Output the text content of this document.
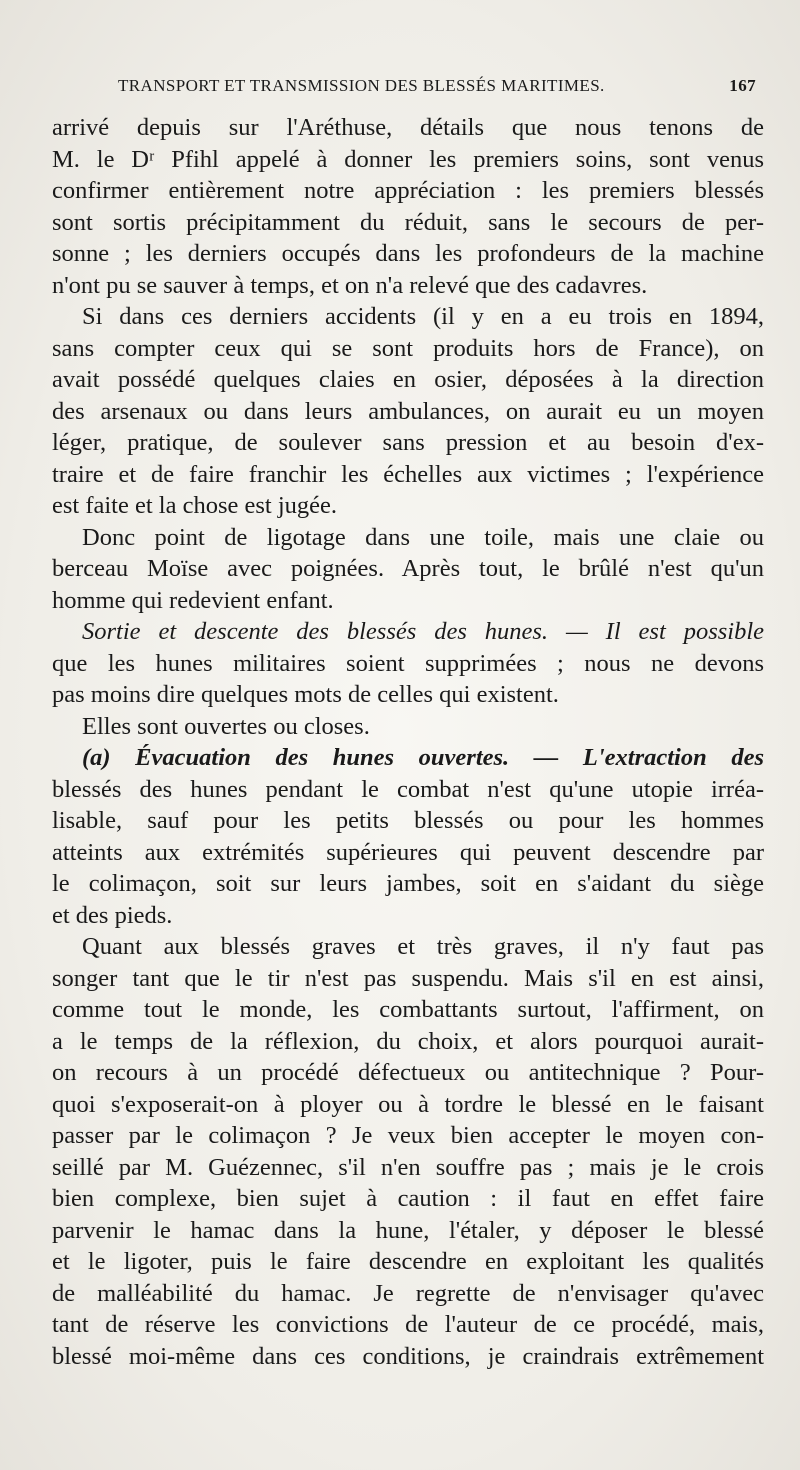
TRANSPORT ET TRANSMISSION DES BLESSÉS MARITIMES.	167
arrivé depuis sur l'Aréthuse, détails que nous tenons de
M. le Dʳ Pfihl appelé à donner les premiers soins, sont venus
confirmer entièrement notre appréciation : les premiers blessés
sont sortis précipitamment du réduit, sans le secours de per-
sonne ; les derniers occupés dans les profondeurs de la machine
n'ont pu se sauver à temps, et on n'a relevé que des cadavres.
Si dans ces derniers accidents (il y en a eu trois en 1894,
sans compter ceux qui se sont produits hors de France), on
avait possédé quelques claies en osier, déposées à la direction
des arsenaux ou dans leurs ambulances, on aurait eu un moyen
léger, pratique, de soulever sans pression et au besoin d'ex-
traire et de faire franchir les échelles aux victimes ; l'expérience
est faite et la chose est jugée.
Donc point de ligotage dans une toile, mais une claie ou
berceau Moïse avec poignées. Après tout, le brûlé n'est qu'un
homme qui redevient enfant.
Sortie et descente des blessés des hunes. — Il est possible
que les hunes militaires soient supprimées ; nous ne devons
pas moins dire quelques mots de celles qui existent.
Elles sont ouvertes ou closes.
(a) Évacuation des hunes ouvertes. — L'extraction des
blessés des hunes pendant le combat n'est qu'une utopie irréa-
lisable, sauf pour les petits blessés ou pour les hommes
atteints aux extrémités supérieures qui peuvent descendre par
le colimaçon, soit sur leurs jambes, soit en s'aidant du siège
et des pieds.
Quant aux blessés graves et très graves, il n'y faut pas
songer tant que le tir n'est pas suspendu. Mais s'il en est ainsi,
comme tout le monde, les combattants surtout, l'affirment, on
a le temps de la réflexion, du choix, et alors pourquoi aurait-
on recours à un procédé défectueux ou antitechnique ? Pour-
quoi s'exposerait-on à ployer ou à tordre le blessé en le faisant
passer par le colimaçon ? Je veux bien accepter le moyen con-
seillé par M. Guézennec, s'il n'en souffre pas ; mais je le crois
bien complexe, bien sujet à caution : il faut en effet faire
parvenir le hamac dans la hune, l'étaler, y déposer le blessé
et le ligoter, puis le faire descendre en exploitant les qualités
de malléabilité du hamac. Je regrette de n'envisager qu'avec
tant de réserve les convictions de l'auteur de ce procédé, mais,
blessé moi-même dans ces conditions, je craindrais extrêmement
